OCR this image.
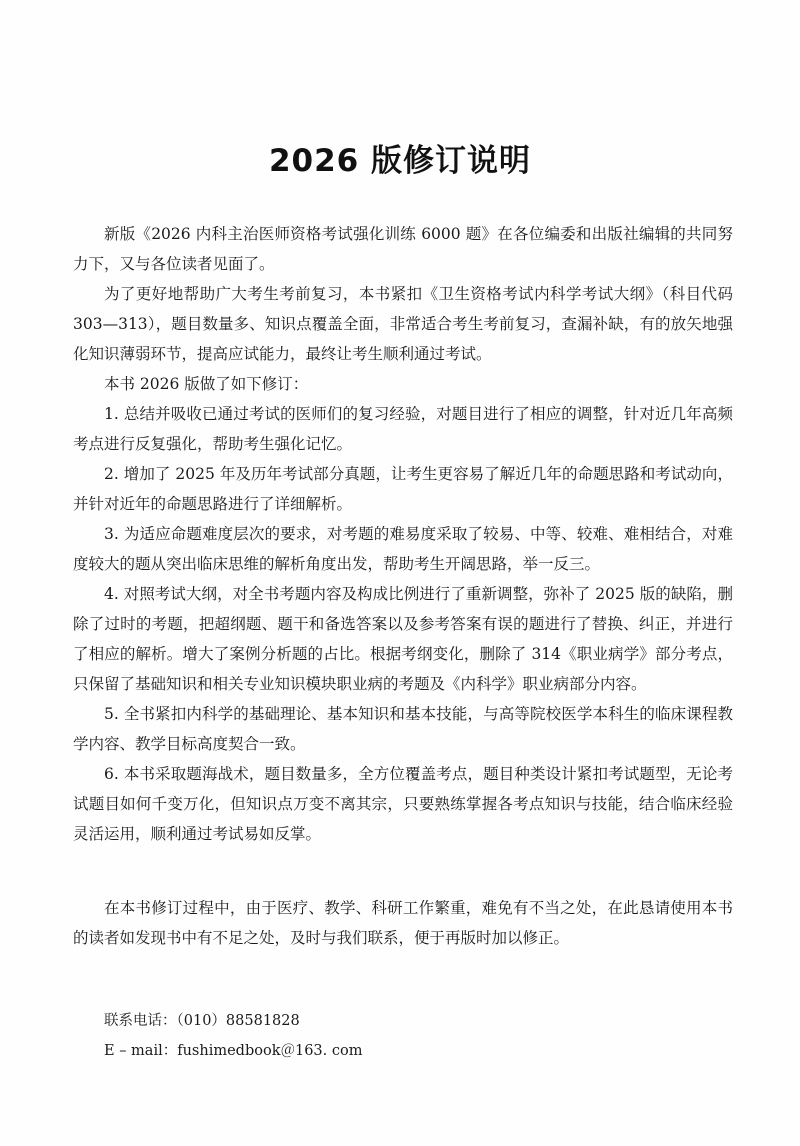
2026 版修订说明

新版《2026 内科主治医师资格考试强化训练 6000 题》在各位编委和出版社编辑的共同努力下，又与各位读者见面了。

为了更好地帮助广大考生考前复习，本书紧扣《卫生资格考试内科学考试大纲》（科目代码 303—313），题目数量多、知识点覆盖全面，非常适合考生考前复习，查漏补缺，有的放矢地强化知识薄弱环节，提高应试能力，最终让考生顺利通过考试。

本书 2026 版做了如下修订：

1. 总结并吸收已通过考试的医师们的复习经验，对题目进行了相应的调整，针对近几年高频考点进行反复强化，帮助考生强化记忆。

2. 增加了 2025 年及历年考试部分真题，让考生更容易了解近几年的命题思路和考试动向，并针对近年的命题思路进行了详细解析。

3. 为适应命题难度层次的要求，对考题的难易度采取了较易、中等、较难、难相结合，对难度较大的题从突出临床思维的解析角度出发，帮助考生开阔思路，举一反三。

4. 对照考试大纲，对全书考题内容及构成比例进行了重新调整，弥补了 2025 版的缺陷，删除了过时的考题，把超纲题、题干和备选答案以及参考答案有误的题进行了替换、纠正，并进行了相应的解析。增大了案例分析题的占比。根据考纲变化，删除了 314《职业病学》部分考点，只保留了基础知识和相关专业知识模块职业病的考题及《内科学》职业病部分内容。

5. 全书紧扣内科学的基础理论、基本知识和基本技能，与高等院校医学本科生的临床课程教学内容、教学目标高度契合一致。

6. 本书采取题海战术，题目数量多，全方位覆盖考点，题目种类设计紧扣考试题型，无论考试题目如何千变万化，但知识点万变不离其宗，只要熟练掌握各考点知识与技能，结合临床经验灵活运用，顺利通过考试易如反掌。

在本书修订过程中，由于医疗、教学、科研工作繁重，难免有不当之处，在此恳请使用本书的读者如发现书中有不足之处，及时与我们联系，便于再版时加以修正。

联系电话：（010）88581828
E – mail：fushimedbook＠163. com
